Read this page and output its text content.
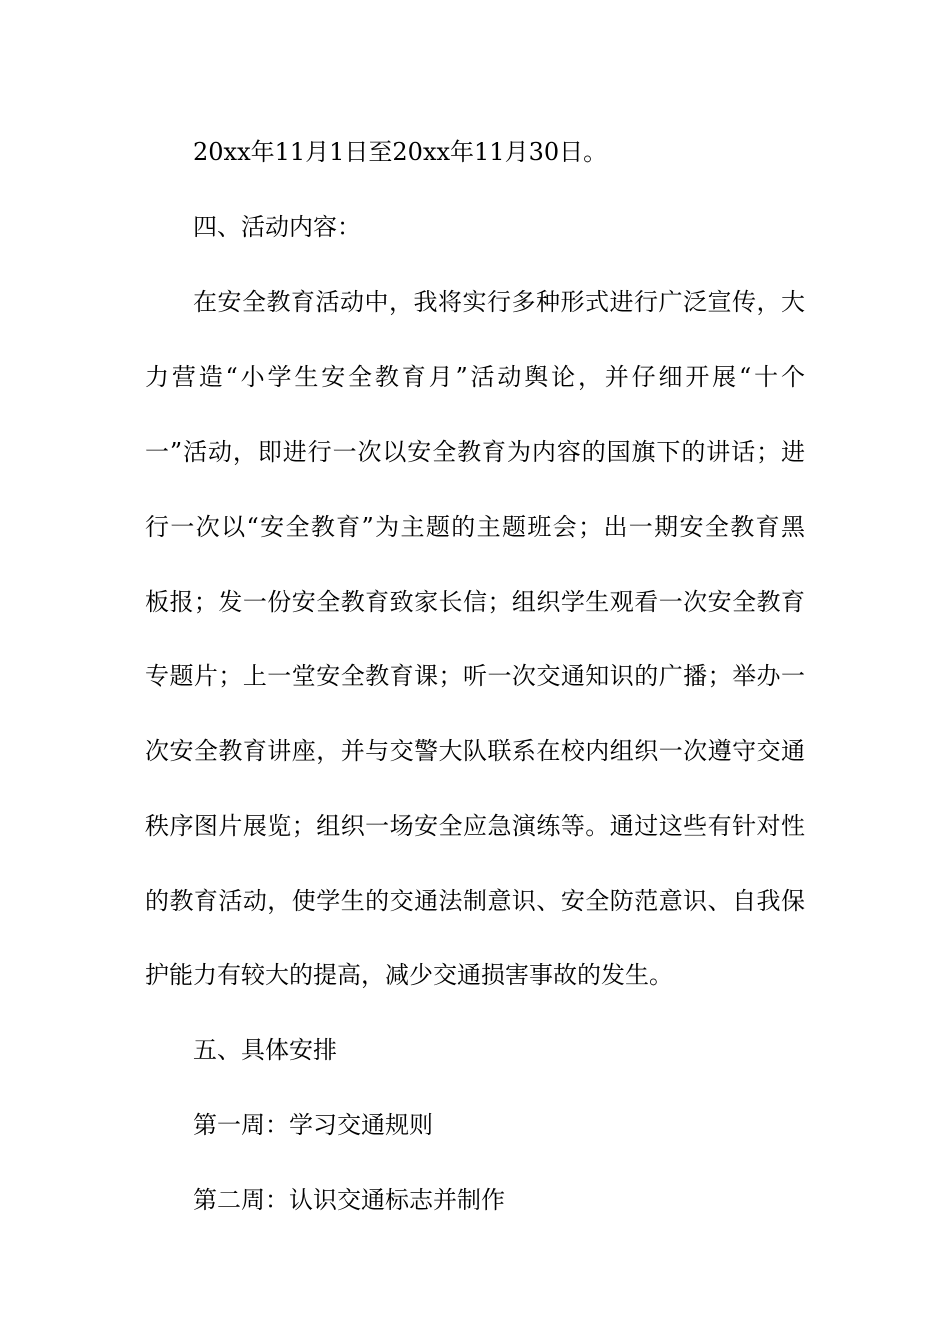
20xx年11月1日至20xx年11月30日。
四、活动内容：
在安全教育活动中，我将实行多种形式进行广泛宣传，大
力营造“小学生安全教育月”活动舆论，并仔细开展“十个
一”活动，即进行一次以安全教育为内容的国旗下的讲话；进
行一次以“安全教育”为主题的主题班会；出一期安全教育黑
板报；发一份安全教育致家长信；组织学生观看一次安全教育
专题片；上一堂安全教育课；听一次交通知识的广播；举办一
次安全教育讲座，并与交警大队联系在校内组织一次遵守交通
秩序图片展览；组织一场安全应急演练等。通过这些有针对性
的教育活动，使学生的交通法制意识、安全防范意识、自我保
护能力有较大的提高，减少交通损害事故的发生。
五、具体安排
第一周：学习交通规则
第二周：认识交通标志并制作
